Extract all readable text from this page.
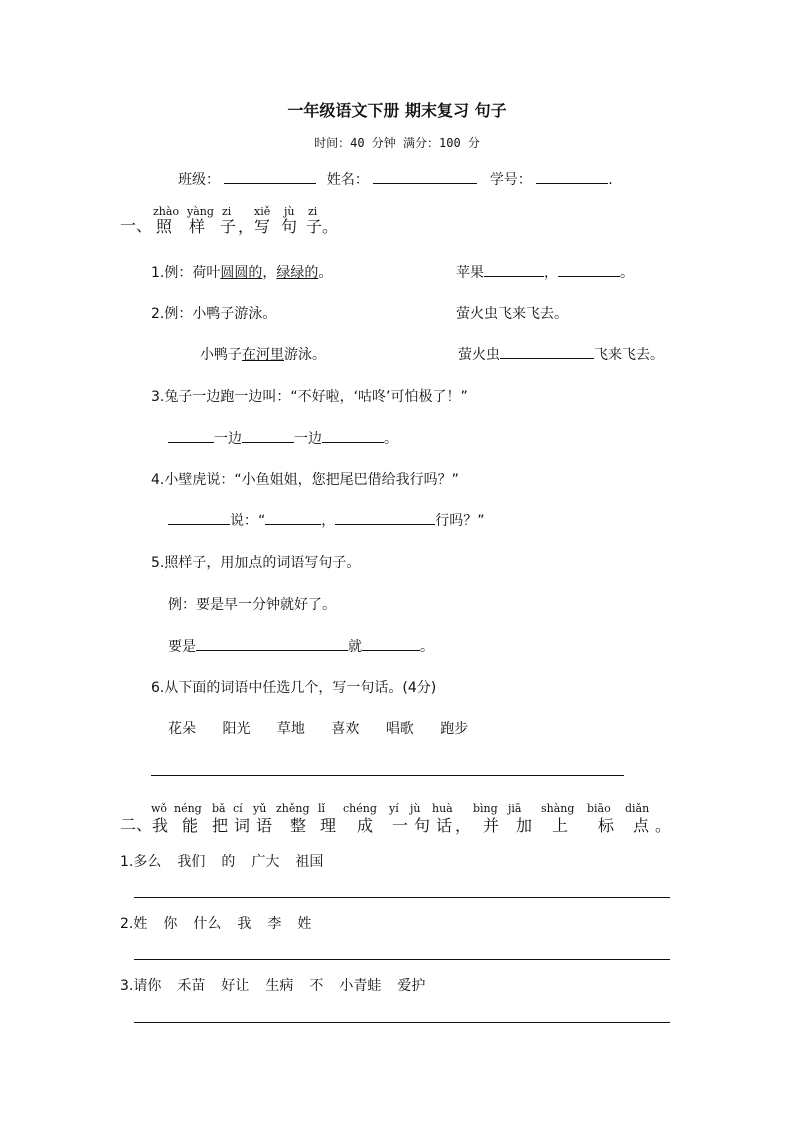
一年级语文下册 期末复习 句子
时间：40 分钟 满分：100 分
班级：	姓名：	学号：	.
一、
zhào yàng zi xiě jù zi
照 样 子 ， 写 句 子 。
1.例：荷叶圆圆的，绿绿的。	苹果	，	。
2.例：小鸭子游泳。	萤火虫飞来飞去。
小鸭子在河里游泳。	萤火虫	飞来飞去。
3.兔子一边跑一边叫：“不好啦，‘咕咚’可怕极了！”
一边	一边	。
4.小壁虎说：“小鱼姐姐，您把尾巴借给我行吗？”
说：“	，	行吗？”
5.照样子，用加点的词语写句子。
例：要是早一分钟就好了。
要是	就	。
6.从下面的词语中任选几个，写一句话。(4分)
花朵 阳光 草地 喜欢 唱歌 跑步
二、
wǒ néng bǎ cí yǔ zhěng lǐ chéng yí jù huà bìng jiā shàng biāo diǎn
我 能 把 词 语 整 理 成 一 句 话 ， 并 加 上 标 点 。
1.多么 我们 的 广大 祖国
2.姓 你 什么 我 李 姓
3.请你 禾苗 好让 生病 不 小青蛙 爱护
